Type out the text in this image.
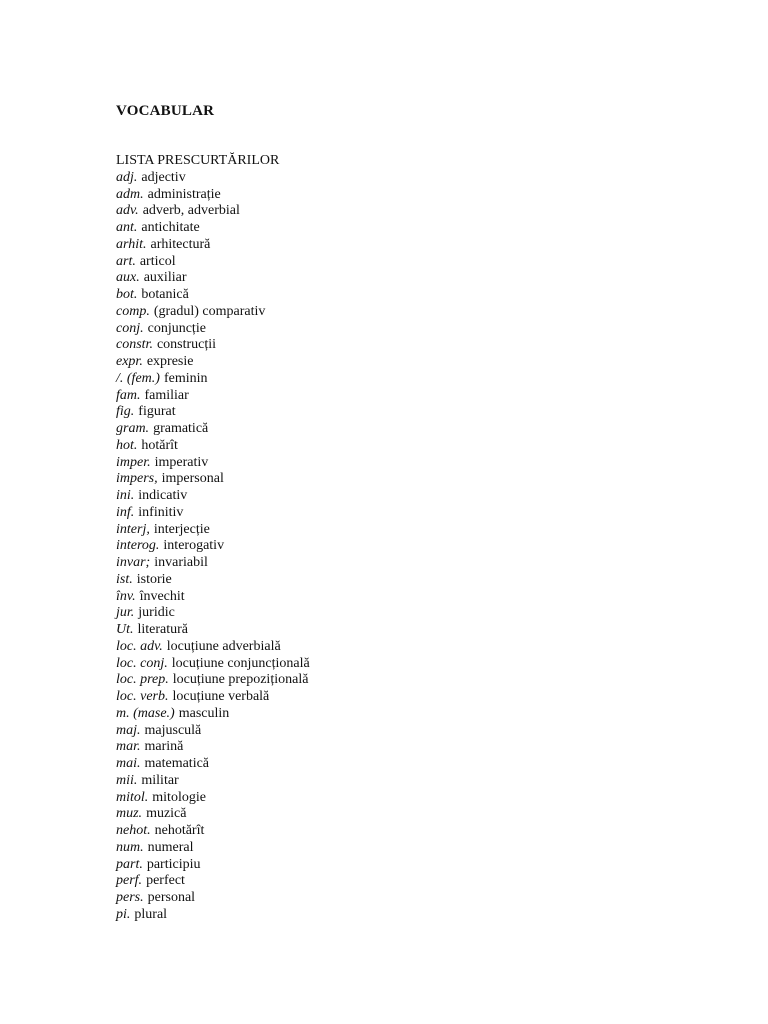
VOCABULAR
LISTA PRESCURTĂRILOR
adj. adjectiv
adm. administrație
adv. adverb, adverbial
ant. antichitate
arhit. arhitectură
art. articol
aux. auxiliar
bot. botanică
comp. (gradul) comparativ
conj. conjuncție
constr. construcții
expr. expresie
/. (fem.) feminin
fam. familiar
fig. figurat
gram. gramatică
hot. hotărît
imper. imperativ
impers, impersonal
ini. indicativ
inf. infinitiv
interj, interjecție
interog. interogativ
invar; invariabil
ist. istorie
înv. învechit
jur. juridic
Ut. literatură
loc. adv. locuțiune adverbială
loc. conj. locuțiune conjuncțională
loc. prep. locuțiune prepozițională
loc. verb. locuțiune verbală
m. (mase.) masculin
maj. majusculă
mar. marină
mai. matematică
mii. militar
mitol. mitologie
muz. muzică
nehot. nehotărît
num. numeral
part. participiu
perf. perfect
pers. personal
pi. plural
